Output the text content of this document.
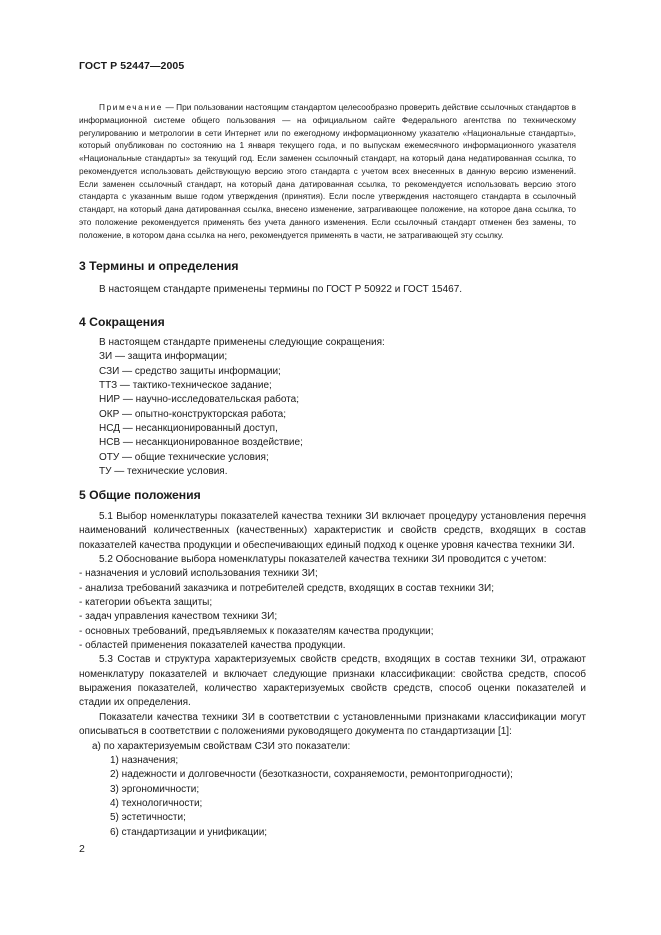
ГОСТ Р 52447—2005

Примечание — При пользовании настоящим стандартом целесообразно проверить действие ссылочных стандартов в информационной системе общего пользования — на официальном сайте Федерального агентства по техническому регулированию и метрологии в сети Интернет или по ежегодному информационному указателю «Национальные стандарты», который опубликован по состоянию на 1 января текущего года, и по выпускам ежемесячного информационного указателя «Национальные стандарты» за текущий год. Если заменен ссылочный стандарт, на который дана недатированная ссылка, то рекомендуется использовать действующую версию этого стандарта с учетом всех внесенных в данную версию изменений. Если заменен ссылочный стандарт, на который дана датированная ссылка, то рекомендуется использовать версию этого стандарта с указанным выше годом утверждения (принятия). Если после утверждения настоящего стандарта в ссылочный стандарт, на который дана датированная ссылка, внесено изменение, затрагивающее положение, на которое дана ссылка, то это положение рекомендуется применять без учета данного изменения. Если ссылочный стандарт отменен без замены, то положение, в котором дана ссылка на него, рекомендуется применять в части, не затрагивающей эту ссылку.

3 Термины и определения

В настоящем стандарте применены термины по ГОСТ Р 50922 и ГОСТ 15467.

4 Сокращения

В настоящем стандарте применены следующие сокращения:

ЗИ — защита информации;

СЗИ — средство защиты информации;

ТТЗ — тактико-техническое задание;

НИР — научно-исследовательская работа;

ОКР — опытно-конструкторская работа;

НСД — несанкционированный доступ,

НСВ — несанкционированное воздействие;

ОТУ — общие технические условия;

ТУ — технические условия.

5 Общие положения

5.1 Выбор номенклатуры показателей качества техники ЗИ включает процедуру установления перечня наименований количественных (качественных) характеристик и свойств средств, входящих в состав показателей качества продукции и обеспечивающих единый подход к оценке уровня качества техники ЗИ.

5.2 Обоснование выбора номенклатуры показателей качества техники ЗИ проводится с учетом:

- назначения и условий использования техники ЗИ;

- анализа требований заказчика и потребителей средств, входящих в состав техники ЗИ;

- категории объекта защиты;

- задач управления качеством техники ЗИ;

- основных требований, предъявляемых к показателям качества продукции;

- областей применения показателей качества продукции.

5.3 Состав и структура характеризуемых свойств средств, входящих в состав техники ЗИ, отражают номенклатуру показателей и включает следующие признаки классификации: свойства средств, способ выражения показателей, количество характеризуемых свойств средств, способ оценки показателей и стадии их определения.

Показатели качества техники ЗИ в соответствии с установленными признаками классификации могут описываться в соответствии с положениями руководящего документа по стандартизации [1]:

а) по характеризуемым свойствам СЗИ это показатели:

1) назначения;

2) надежности и долговечности (безотказности, сохраняемости, ремонтопригодности);

3) эргономичности;

4) технологичности;

5) эстетичности;

6) стандартизации и унификации;

2
